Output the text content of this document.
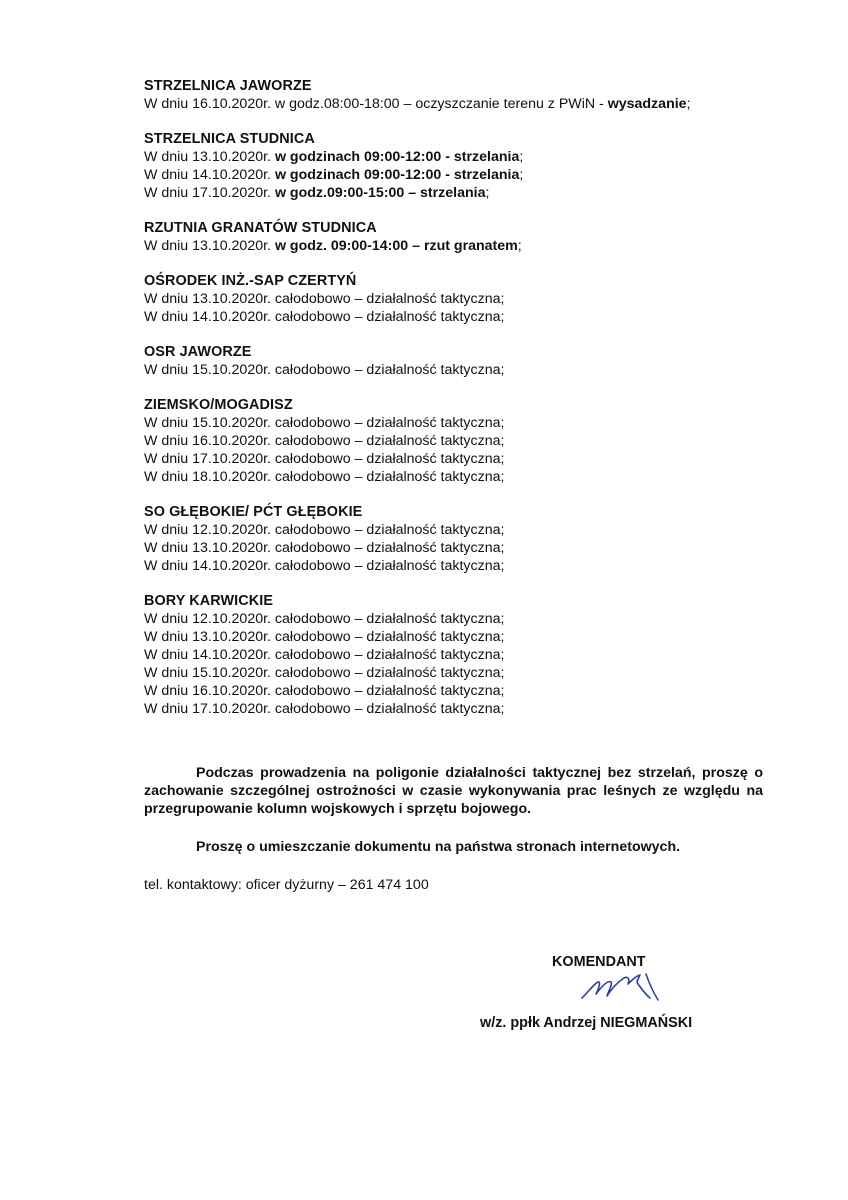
STRZELNICA JAWORZE
W dniu 16.10.2020r. w godz.08:00-18:00 – oczyszczanie terenu z PWiN - wysadzanie;
STRZELNICA STUDNICA
W dniu 13.10.2020r. w godzinach 09:00-12:00 - strzelania;
W dniu 14.10.2020r. w godzinach 09:00-12:00 - strzelania;
W dniu 17.10.2020r. w godz.09:00-15:00 – strzelania;
RZUTNIA GRANATÓW STUDNICA
W dniu 13.10.2020r. w godz. 09:00-14:00 – rzut granatem;
OŚRODEK INŻ.-SAP CZERTYŃ
W dniu 13.10.2020r. całodobowo – działalność taktyczna;
W dniu 14.10.2020r. całodobowo – działalność taktyczna;
OSR JAWORZE
W dniu 15.10.2020r. całodobowo – działalność taktyczna;
ZIEMSKO/MOGADISZ
W dniu 15.10.2020r. całodobowo – działalność taktyczna;
W dniu 16.10.2020r. całodobowo – działalność taktyczna;
W dniu 17.10.2020r. całodobowo – działalność taktyczna;
W dniu 18.10.2020r. całodobowo – działalność taktyczna;
SO GŁĘBOKIE/ PĆT GŁĘBOKIE
W dniu 12.10.2020r. całodobowo – działalność taktyczna;
W dniu 13.10.2020r. całodobowo – działalność taktyczna;
W dniu 14.10.2020r. całodobowo – działalność taktyczna;
BORY KARWICKIE
W dniu 12.10.2020r. całodobowo – działalność taktyczna;
W dniu 13.10.2020r. całodobowo – działalność taktyczna;
W dniu 14.10.2020r. całodobowo – działalność taktyczna;
W dniu 15.10.2020r. całodobowo – działalność taktyczna;
W dniu 16.10.2020r. całodobowo – działalność taktyczna;
W dniu 17.10.2020r. całodobowo – działalność taktyczna;

Podczas prowadzenia na poligonie działalności taktycznej bez strzelań, proszę o zachowanie szczególnej ostrożności w czasie wykonywania prac leśnych ze względu na przegrupowanie kolumn wojskowych i sprzętu bojowego.

Proszę o umieszczanie dokumentu na państwa stronach internetowych.
tel. kontaktowy: oficer dyżurny – 261 474 100
KOMENDANT
w/z. ppłk Andrzej NIEGMAŃSKI
